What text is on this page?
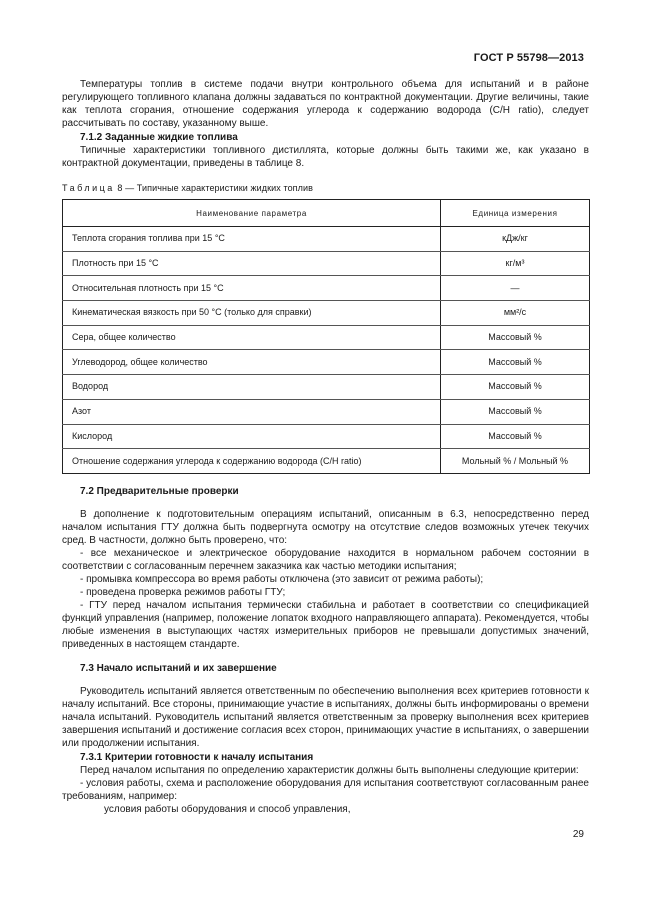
ГОСТ Р 55798—2013

Температуры топлив в системе подачи внутри контрольного объема для испытаний и в районе регулирующего топливного клапана должны задаваться по контрактной документации. Другие величины, такие как теплота сгорания, отношение содержания углерода к содержанию водорода (C/H ratio), следует рассчитывать по составу, указанному выше.

7.1.2 Заданные жидкие топлива

Типичные характеристики топливного дистиллята, которые должны быть такими же, как указано в контрактной документации, приведены в таблице 8.

Таблица 8 — Типичные характеристики жидких топлив
Наименование параметра	Единица измерения
Теплота сгорания топлива при 15 °C	кДж/кг
Плотность при 15 °C	кг/м³
Относительная плотность при 15 °C	—
Кинематическая вязкость при 50 °C (только для справки)	мм²/с
Сера, общее количество	Массовый %
Углеводород, общее количество	Массовый %
Водород	Массовый %
Азот	Массовый %
Кислород	Массовый %
Отношение содержания углерода к содержанию водорода (C/H ratio)	Мольный % / Мольный %

7.2 Предварительные проверки

В дополнение к подготовительным операциям испытаний, описанным в 6.3, непосредственно перед началом испытания ГТУ должна быть подвергнута осмотру на отсутствие следов возможных утечек текучих сред. В частности, должно быть проверено, что:

- все механическое и электрическое оборудование находится в нормальном рабочем состоянии в соответствии с согласованным перечнем заказчика как частью методики испытания;

- промывка компрессора во время работы отключена (это зависит от режима работы);

- проведена проверка режимов работы ГТУ;

- ГТУ перед началом испытания термически стабильна и работает в соответствии со спецификацией функций управления (например, положение лопаток входного направляющего аппарата). Рекомендуется, чтобы любые изменения в выступающих частях измерительных приборов не превышали допустимых значений, приведенных в настоящем стандарте.

7.3 Начало испытаний и их завершение

Руководитель испытаний является ответственным по обеспечению выполнения всех критериев готовности к началу испытаний. Все стороны, принимающие участие в испытаниях, должны быть информированы о времени начала испытаний. Руководитель испытаний является ответственным за проверку выполнения всех критериев завершения испытаний и достижение согласия всех сторон, принимающих участие в испытаниях, о завершении или продолжении испытания.

7.3.1 Критерии готовности к началу испытания

Перед началом испытания по определению характеристик должны быть выполнены следующие критерии:

- условия работы, схема и расположение оборудования для испытания соответствуют согласованным ранее требованиям, например:

условия работы оборудования и способ управления,

29
